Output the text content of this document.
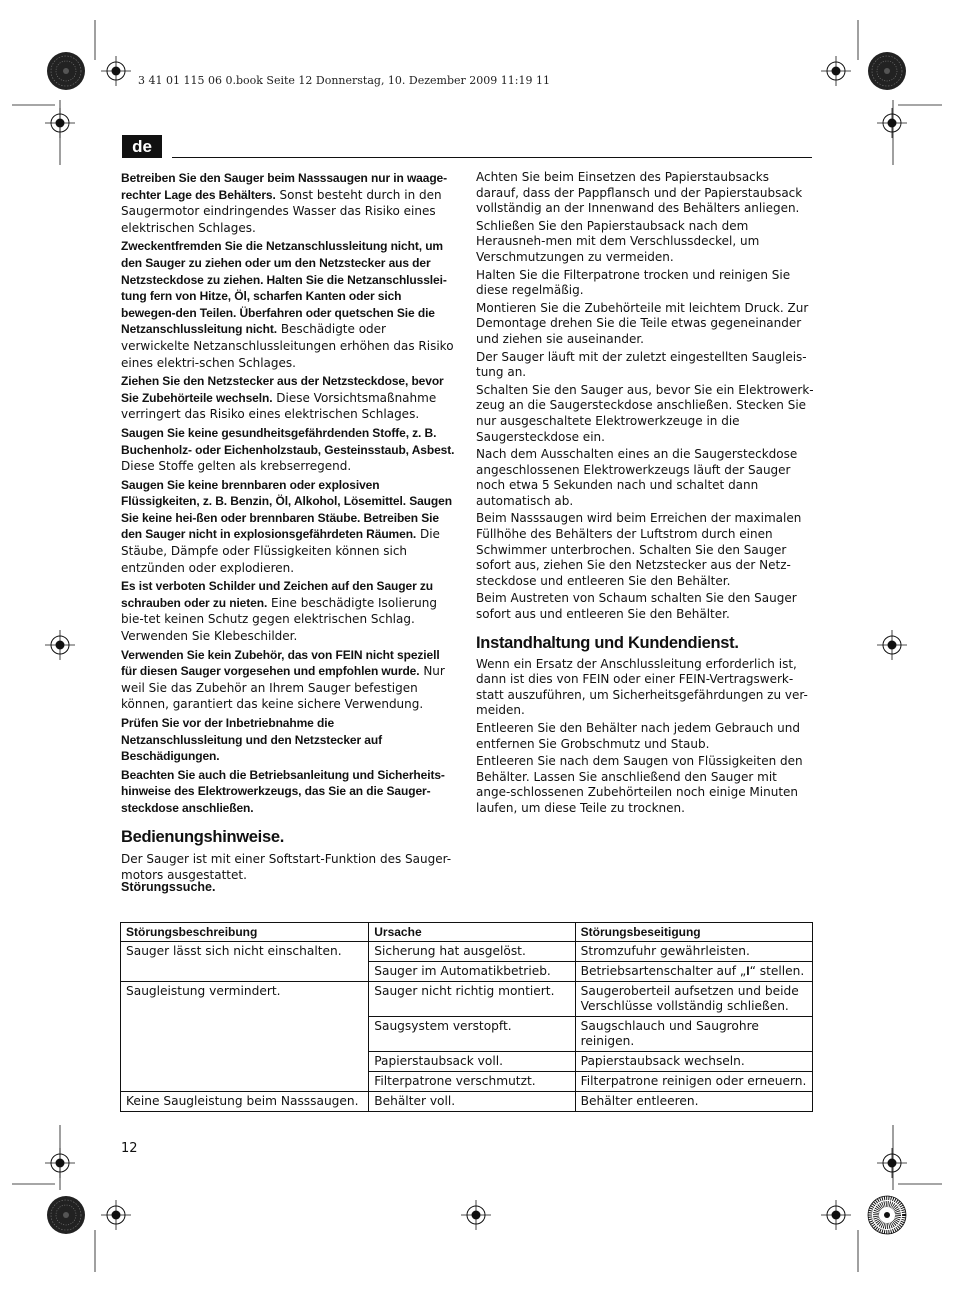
3 41 01 115 06 0.book Seite 12 Donnerstag, 10. Dezember 2009 11:19 11
de

Betreiben Sie den Sauger beim Nasssaugen nur in waage-rechter Lage des Behälters. Sonst besteht durch in den Saugermotor eindringendes Wasser das Risiko eines elektrischen Schlages.

Zweckentfremden Sie die Netzanschlussleitung nicht, um den Sauger zu ziehen oder um den Netzstecker aus der Netzsteckdose zu ziehen. Halten Sie die Netzanschlusslei-tung fern von Hitze, Öl, scharfen Kanten oder sich bewegen-den Teilen. Überfahren oder quetschen Sie die Netzanschlussleitung nicht. Beschädigte oder verwickelte Netzanschlussleitungen erhöhen das Risiko eines elektri-schen Schlages.

Ziehen Sie den Netzstecker aus der Netzsteckdose, bevor Sie Zubehörteile wechseln. Diese Vorsichtsmaßnahme verringert das Risiko eines elektrischen Schlages.

Saugen Sie keine gesundheitsgefährdenden Stoffe, z. B. Buchenholz- oder Eichenholzstaub, Gesteinsstaub, Asbest. Diese Stoffe gelten als krebserregend.

Saugen Sie keine brennbaren oder explosiven Flüssigkeiten, z. B. Benzin, Öl, Alkohol, Lösemittel. Saugen Sie keine hei-ßen oder brennbaren Stäube. Betreiben Sie den Sauger nicht in explosionsgefährdeten Räumen. Die Stäube, Dämpfe oder Flüssigkeiten können sich entzünden oder explodieren.

Es ist verboten Schilder und Zeichen auf den Sauger zu schrauben oder zu nieten. Eine beschädigte Isolierung bie-tet keinen Schutz gegen elektrischen Schlag. Verwenden Sie Klebeschilder.

Verwenden Sie kein Zubehör, das von FEIN nicht speziell für diesen Sauger vorgesehen und empfohlen wurde. Nur weil Sie das Zubehör an Ihrem Sauger befestigen können, garantiert das keine sichere Verwendung.

Prüfen Sie vor der Inbetriebnahme die Netzanschlussleitung und den Netzstecker auf Beschädigungen.

Beachten Sie auch die Betriebsanleitung und Sicherheits-hinweise des Elektrowerkzeugs, das Sie an die Sauger-steckdose anschließen.

Bedienungshinweise.

Der Sauger ist mit einer Softstart-Funktion des Sauger-motors ausgestattet.

Achten Sie beim Einsetzen des Papierstaubsacks darauf, dass der Pappflansch und der Papierstaubsack vollständig an der Innenwand des Behälters anliegen.

Schließen Sie den Papierstaubsack nach dem Herausneh-men mit dem Verschlussdeckel, um Verschmutzungen zu vermeiden.

Halten Sie die Filterpatrone trocken und reinigen Sie diese regelmäßig.

Montieren Sie die Zubehörteile mit leichtem Druck. Zur Demontage drehen Sie die Teile etwas gegeneinander und ziehen sie auseinander.

Der Sauger läuft mit der zuletzt eingestellten Saugleis-tung an.

Schalten Sie den Sauger aus, bevor Sie ein Elektrowerk-zeug an die Saugersteckdose anschließen. Stecken Sie nur ausgeschaltete Elektrowerkzeuge in die Saugersteckdose ein.

Nach dem Ausschalten eines an die Saugersteckdose angeschlossenen Elektrowerkzeugs läuft der Sauger noch etwa 5 Sekunden nach und schaltet dann automatisch ab.

Beim Nasssaugen wird beim Erreichen der maximalen Füllhöhe des Behälters der Luftstrom durch einen Schwimmer unterbrochen. Schalten Sie den Sauger sofort aus, ziehen Sie den Netzstecker aus der Netz-steckdose und entleeren Sie den Behälter.

Beim Austreten von Schaum schalten Sie den Sauger sofort aus und entleeren Sie den Behälter.

Instandhaltung und Kundendienst.

Wenn ein Ersatz der Anschlussleitung erforderlich ist, dann ist dies von FEIN oder einer FEIN-Vertragswerk-statt auszuführen, um Sicherheitsgefährdungen zu ver-meiden.

Entleeren Sie den Behälter nach jedem Gebrauch und entfernen Sie Grobschmutz und Staub.

Entleeren Sie nach dem Saugen von Flüssigkeiten den Behälter. Lassen Sie anschließend den Sauger mit ange-schlossenen Zubehörteilen noch einige Minuten laufen, um diese Teile zu trocknen.

Störungssuche.
Störungsbeschreibung	Ursache	Störungsbeseitigung
Sauger lässt sich nicht einschalten.	Sicherung hat ausgelöst.	Stromzufuhr gewährleisten.
	Sauger im Automatikbetrieb.	Betriebsartenschalter auf „I“ stellen.
Saugleistung vermindert.	Sauger nicht richtig montiert.	Saugeroberteil aufsetzen und beide Verschlüsse vollständig schließen.
	Saugsystem verstopft.	Saugschlauch und Saugrohre reinigen.
	Papierstaubsack voll.	Papierstaubsack wechseln.
	Filterpatrone verschmutzt.	Filterpatrone reinigen oder erneuern.
Keine Saugleistung beim Nasssaugen.	Behälter voll.	Behälter entleeren.
12
